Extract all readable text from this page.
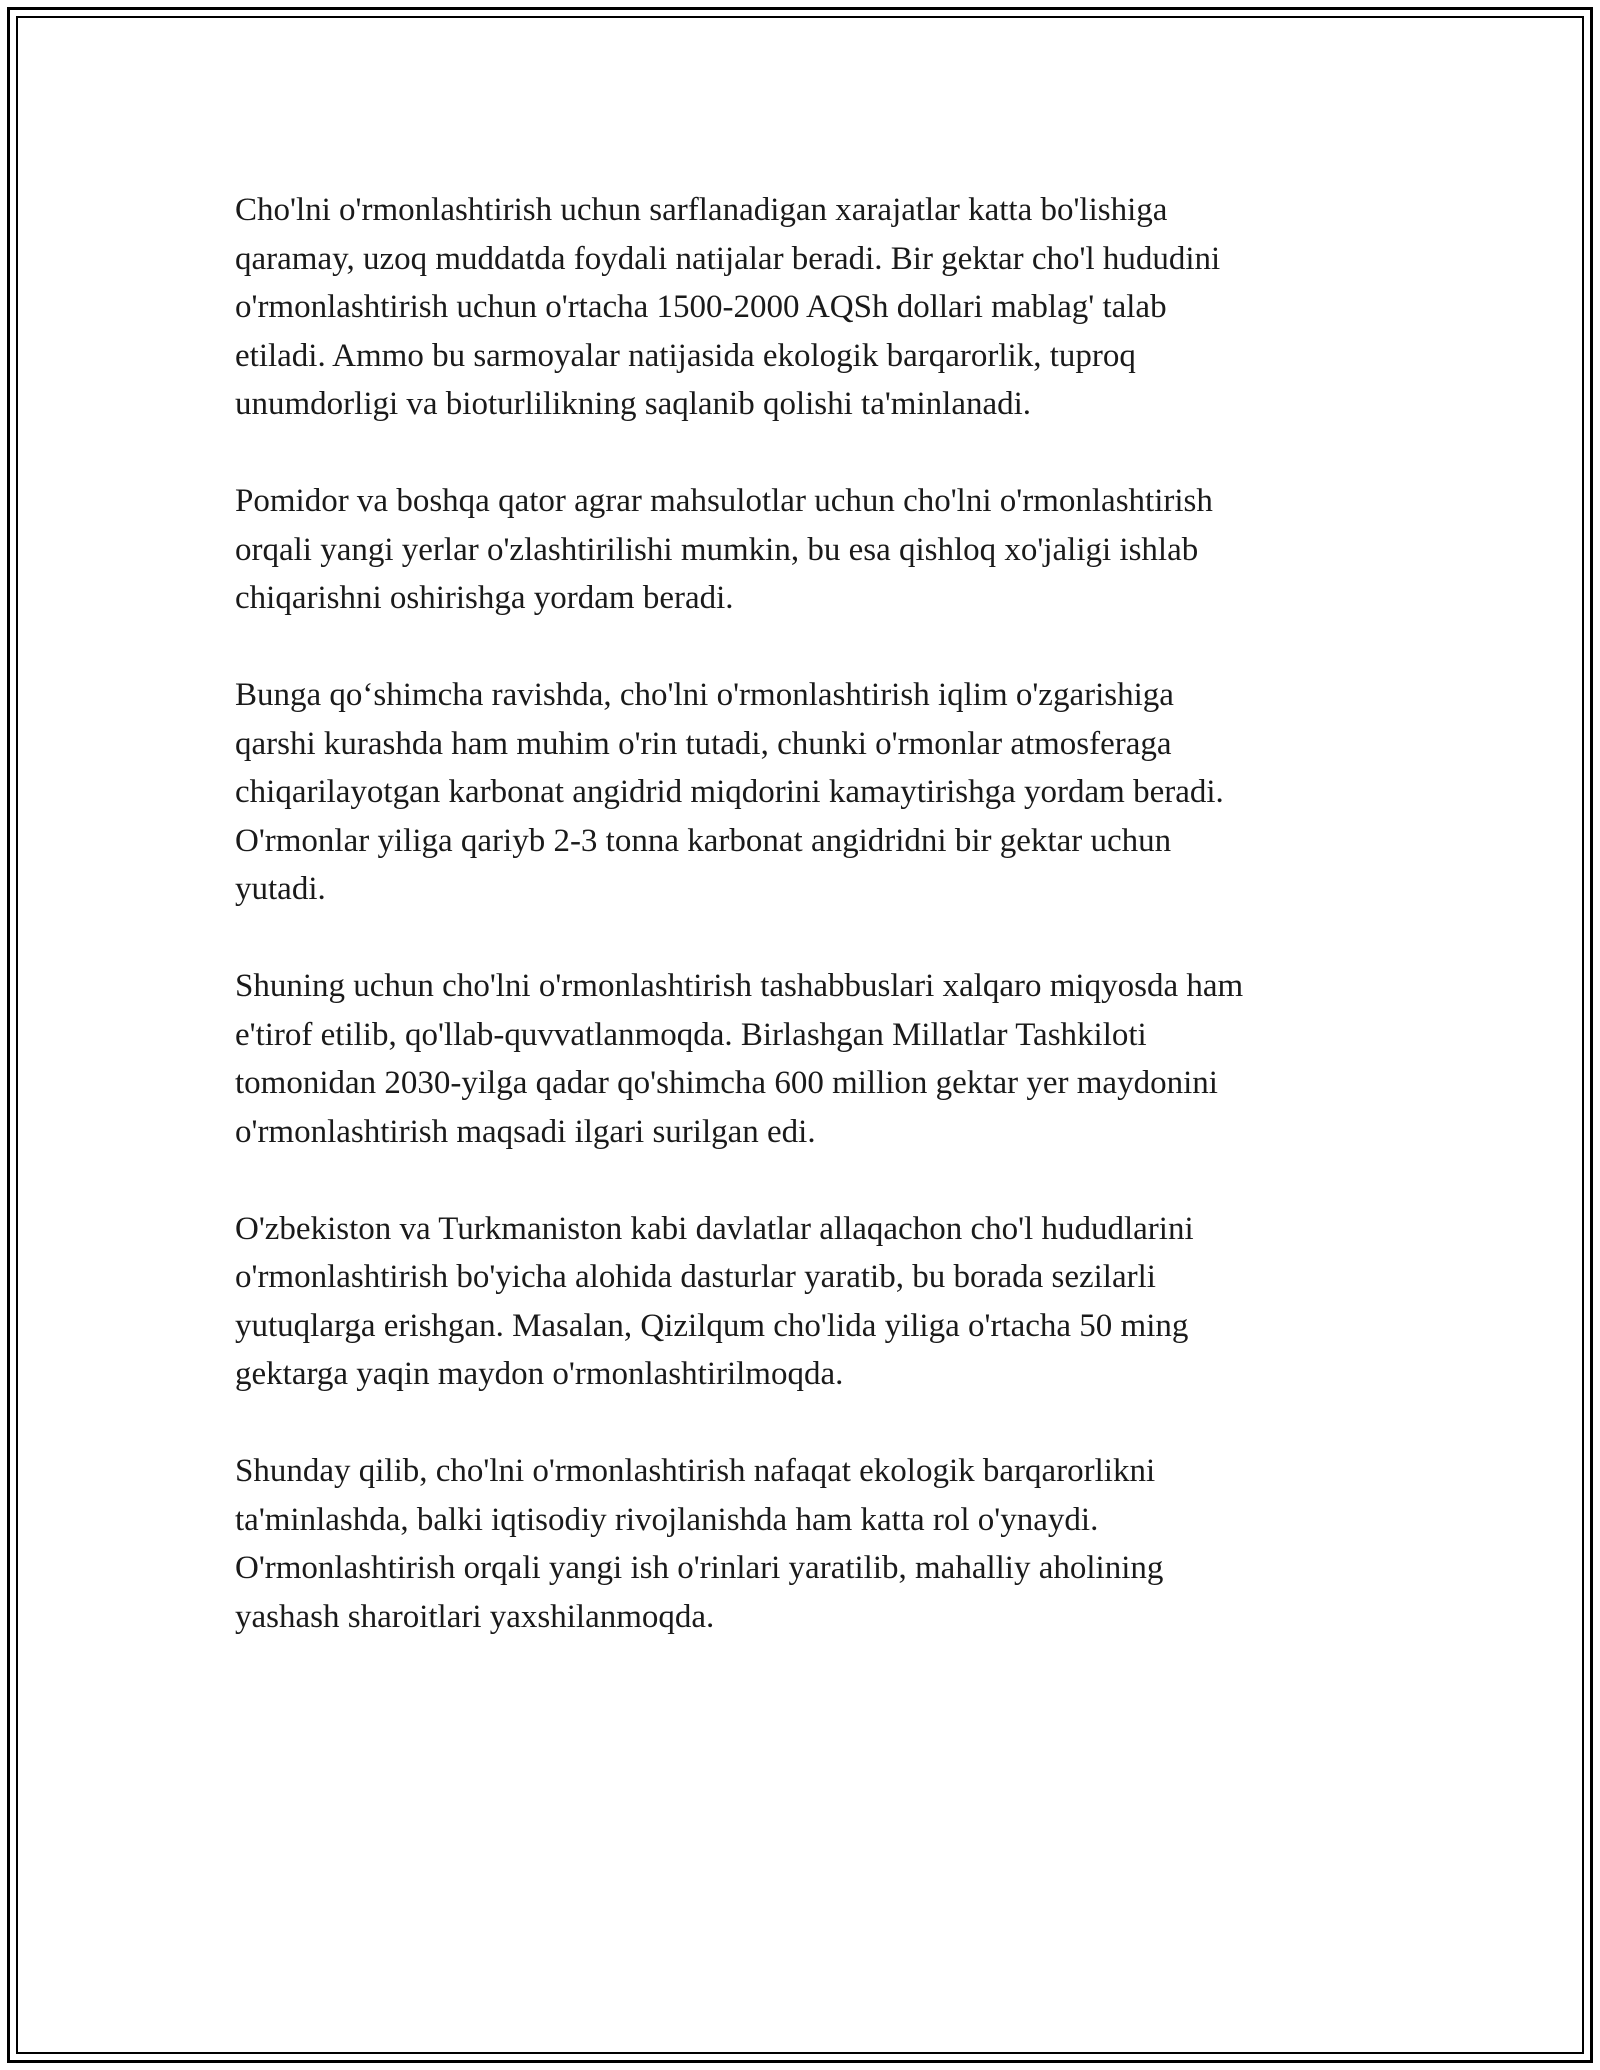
Cho'lni o'rmonlashtirish uchun sarflanadigan xarajatlar katta bo'lishiga
qaramay, uzoq muddatda foydali natijalar beradi. Bir gektar cho'l hududini
o'rmonlashtirish uchun o'rtacha 1500-2000 AQSh dollari mablag' talab
etiladi. Ammo bu sarmoyalar natijasida ekologik barqarorlik, tuproq
unumdorligi va bioturlilikning saqlanib qolishi ta'minlanadi.

Pomidor va boshqa qator agrar mahsulotlar uchun cho'lni o'rmonlashtirish
orqali yangi yerlar o'zlashtirilishi mumkin, bu esa qishloq xo'jaligi ishlab
chiqarishni oshirishga yordam beradi.

Bunga qo‘shimcha ravishda, cho'lni o'rmonlashtirish iqlim o'zgarishiga
qarshi kurashda ham muhim o'rin tutadi, chunki o'rmonlar atmosferaga
chiqarilayotgan karbonat angidrid miqdorini kamaytirishga yordam beradi.
O'rmonlar yiliga qariyb 2-3 tonna karbonat angidridni bir gektar uchun
yutadi.

Shuning uchun cho'lni o'rmonlashtirish tashabbuslari xalqaro miqyosda ham
e'tirof etilib, qo'llab-quvvatlanmoqda. Birlashgan Millatlar Tashkiloti
tomonidan 2030-yilga qadar qo'shimcha 600 million gektar yer maydonini
o'rmonlashtirish maqsadi ilgari surilgan edi.

O'zbekiston va Turkmaniston kabi davlatlar allaqachon cho'l hududlarini
o'rmonlashtirish bo'yicha alohida dasturlar yaratib, bu borada sezilarli
yutuqlarga erishgan. Masalan, Qizilqum cho'lida yiliga o'rtacha 50 ming
gektarga yaqin maydon o'rmonlashtirilmoqda.

Shunday qilib, cho'lni o'rmonlashtirish nafaqat ekologik barqarorlikni
ta'minlashda, balki iqtisodiy rivojlanishda ham katta rol o'ynaydi.
O'rmonlashtirish orqali yangi ish o'rinlari yaratilib, mahalliy aholining
yashash sharoitlari yaxshilanmoqda.
